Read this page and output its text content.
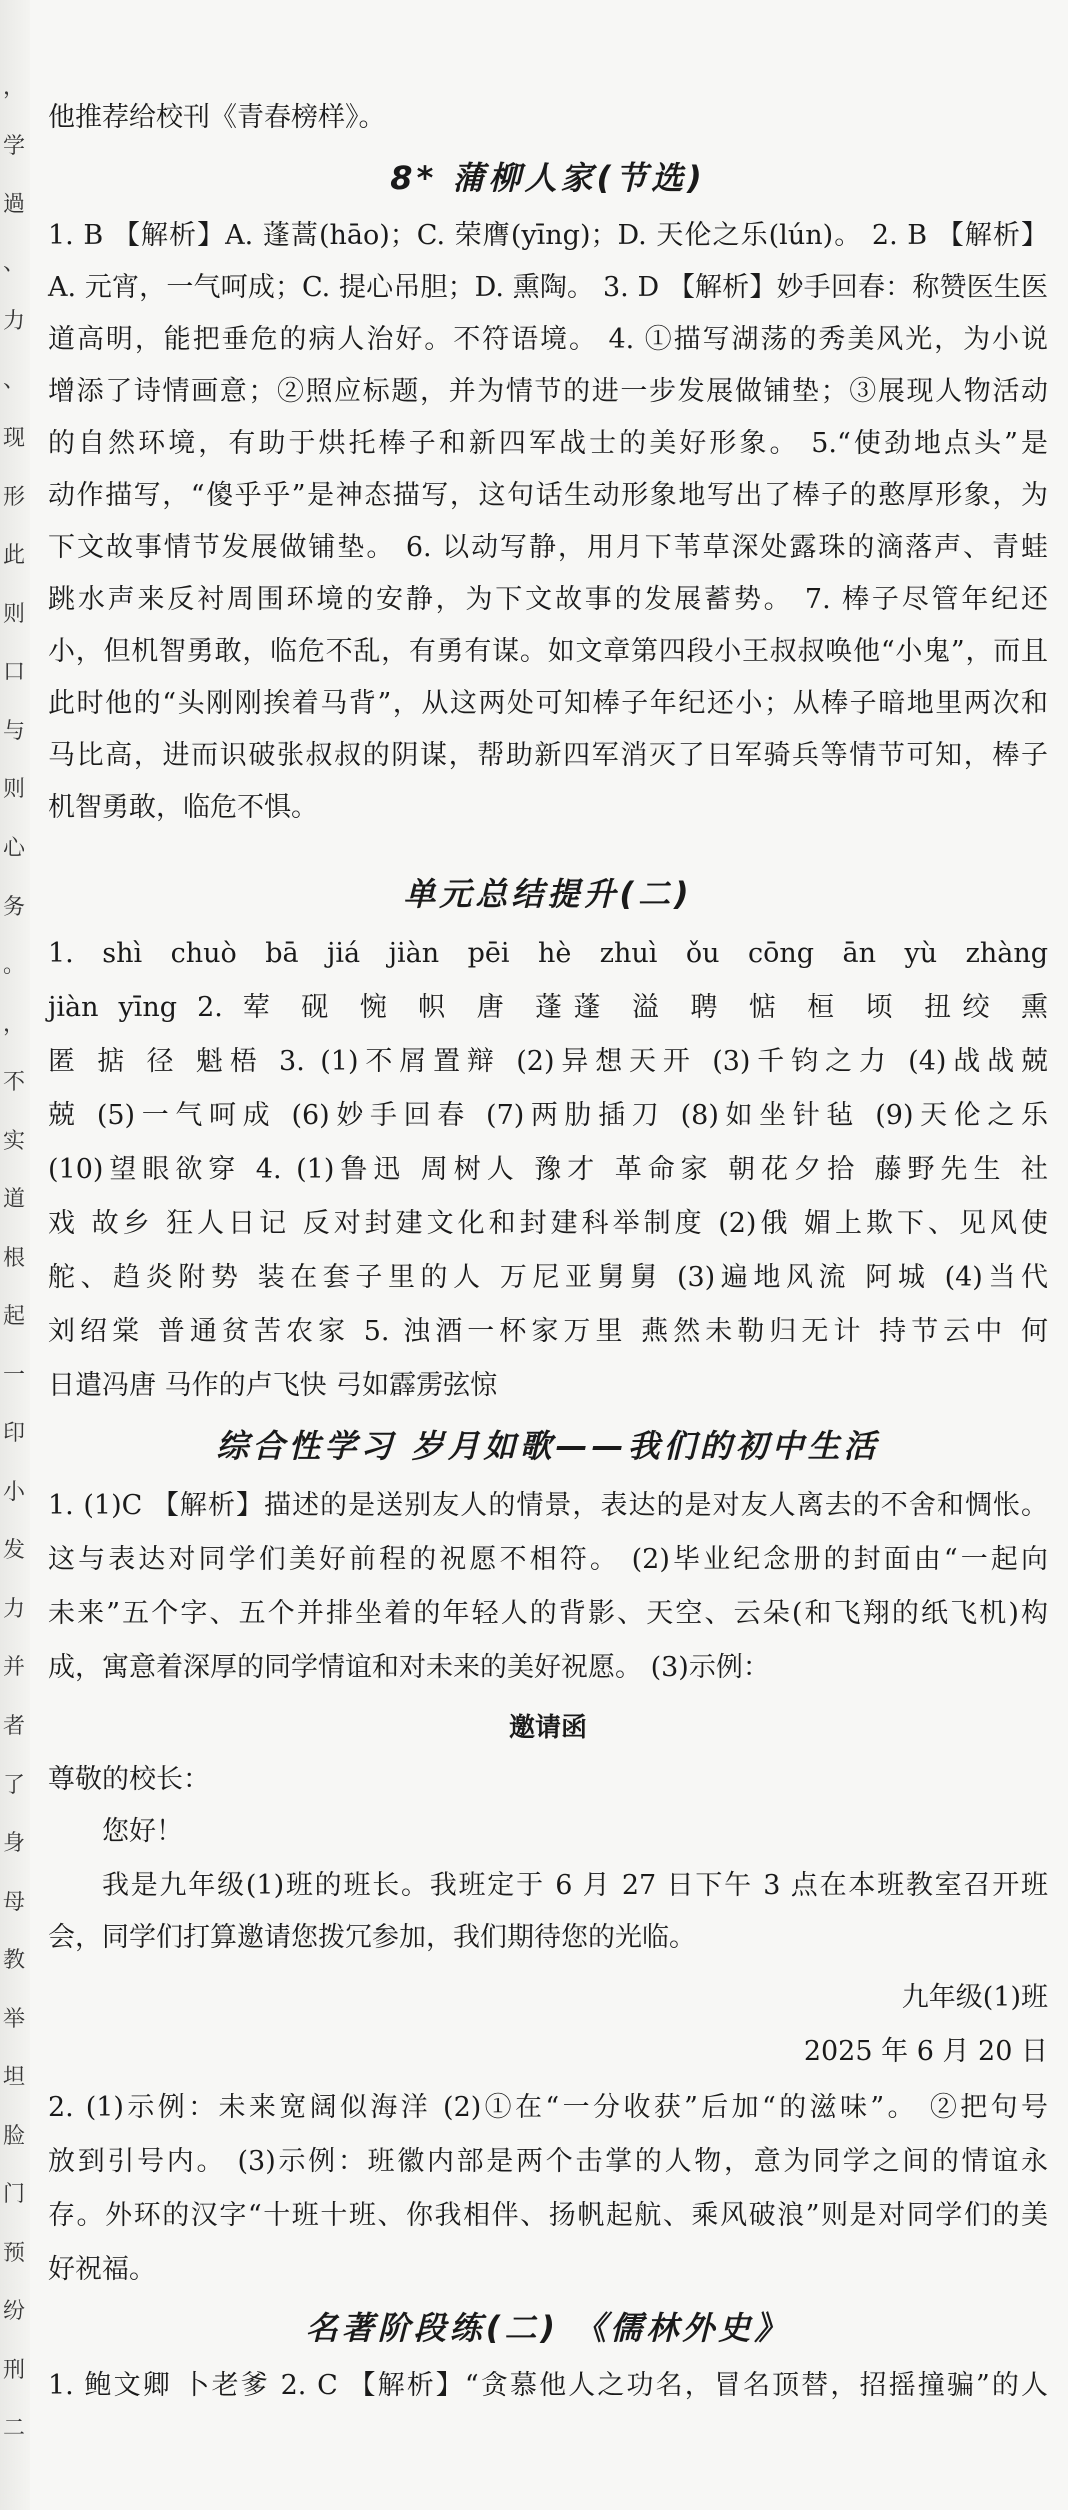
，
学
過
、
力
、
现
形
此
则
口
与
则
心
务
。
，
不
实
道
根
起
一
印
小
发
力
并
者
了
身
母
教
举
坦
脸
门
预
纷
刑
二
他推荐给校刊《青春榜样》。
8* 蒲柳人家(节选)
1. B 【解析】A. 蓬蒿(hāo)；C. 荣膺(yīng)；D. 天伦之乐(lún)。 2. B 【解析】
A. 元宵，一气呵成；C. 提心吊胆；D. 熏陶。 3. D 【解析】妙手回春：称赞医生医
道高明，能把垂危的病人治好。不符语境。 4. ①描写湖荡的秀美风光，为小说
增添了诗情画意；②照应标题，并为情节的进一步发展做铺垫；③展现人物活动
的自然环境，有助于烘托棒子和新四军战士的美好形象。 5.“使劲地点头”是
动作描写，“傻乎乎”是神态描写，这句话生动形象地写出了棒子的憨厚形象，为
下文故事情节发展做铺垫。 6. 以动写静，用月下苇草深处露珠的滴落声、青蛙
跳水声来反衬周围环境的安静，为下文故事的发展蓄势。 7. 棒子尽管年纪还
小，但机智勇敢，临危不乱，有勇有谋。如文章第四段小王叔叔唤他“小鬼”，而且
此时他的“头刚刚挨着马背”，从这两处可知棒子年纪还小；从棒子暗地里两次和
马比高，进而识破张叔叔的阴谋，帮助新四军消灭了日军骑兵等情节可知，棒子
机智勇敢，临危不惧。
单元总结提升(二)
1. shì chuò bā jiá jiàn pēi hè zhuì ǒu cōng ān yù zhàng
jiàn yīng 2. 荤 砚 惋 帜 唐 蓬蓬 溢 聘 惦 桓 顷 扭绞 熏
匿 掂 径 魁梧 3. (1)不屑置辩 (2)异想天开 (3)千钧之力 (4)战战兢
兢 (5)一气呵成 (6)妙手回春 (7)两肋插刀 (8)如坐针毡 (9)天伦之乐
(10)望眼欲穿 4. (1)鲁迅 周树人 豫才 革命家 朝花夕拾 藤野先生 社
戏 故乡 狂人日记 反对封建文化和封建科举制度 (2)俄 媚上欺下、见风使
舵、趋炎附势 装在套子里的人 万尼亚舅舅 (3)遍地风流 阿城 (4)当代
刘绍棠 普通贫苦农家 5. 浊酒一杯家万里 燕然未勒归无计 持节云中 何
日遣冯唐 马作的卢飞快 弓如霹雳弦惊
综合性学习 岁月如歌——我们的初中生活
1. (1)C 【解析】描述的是送别友人的情景，表达的是对友人离去的不舍和惆怅。
这与表达对同学们美好前程的祝愿不相符。 (2)毕业纪念册的封面由“一起向
未来”五个字、五个并排坐着的年轻人的背影、天空、云朵(和飞翔的纸飞机)构
成，寓意着深厚的同学情谊和对未来的美好祝愿。 (3)示例：
邀请函
尊敬的校长：
您好！
我是九年级(1)班的班长。我班定于 6 月 27 日下午 3 点在本班教室召开班
会，同学们打算邀请您拨冗参加，我们期待您的光临。
九年级(1)班
2025 年 6 月 20 日
2. (1)示例：未来宽阔似海洋 (2)①在“一分收获”后加“的滋味”。 ②把句号
放到引号内。 (3)示例：班徽内部是两个击掌的人物，意为同学之间的情谊永
存。外环的汉字“十班十班、你我相伴、扬帆起航、乘风破浪”则是对同学们的美
好祝福。
名著阶段练(二) 《儒林外史》
1. 鲍文卿 卜老爹 2. C 【解析】“贪慕他人之功名，冒名顶替，招摇撞骗”的人
